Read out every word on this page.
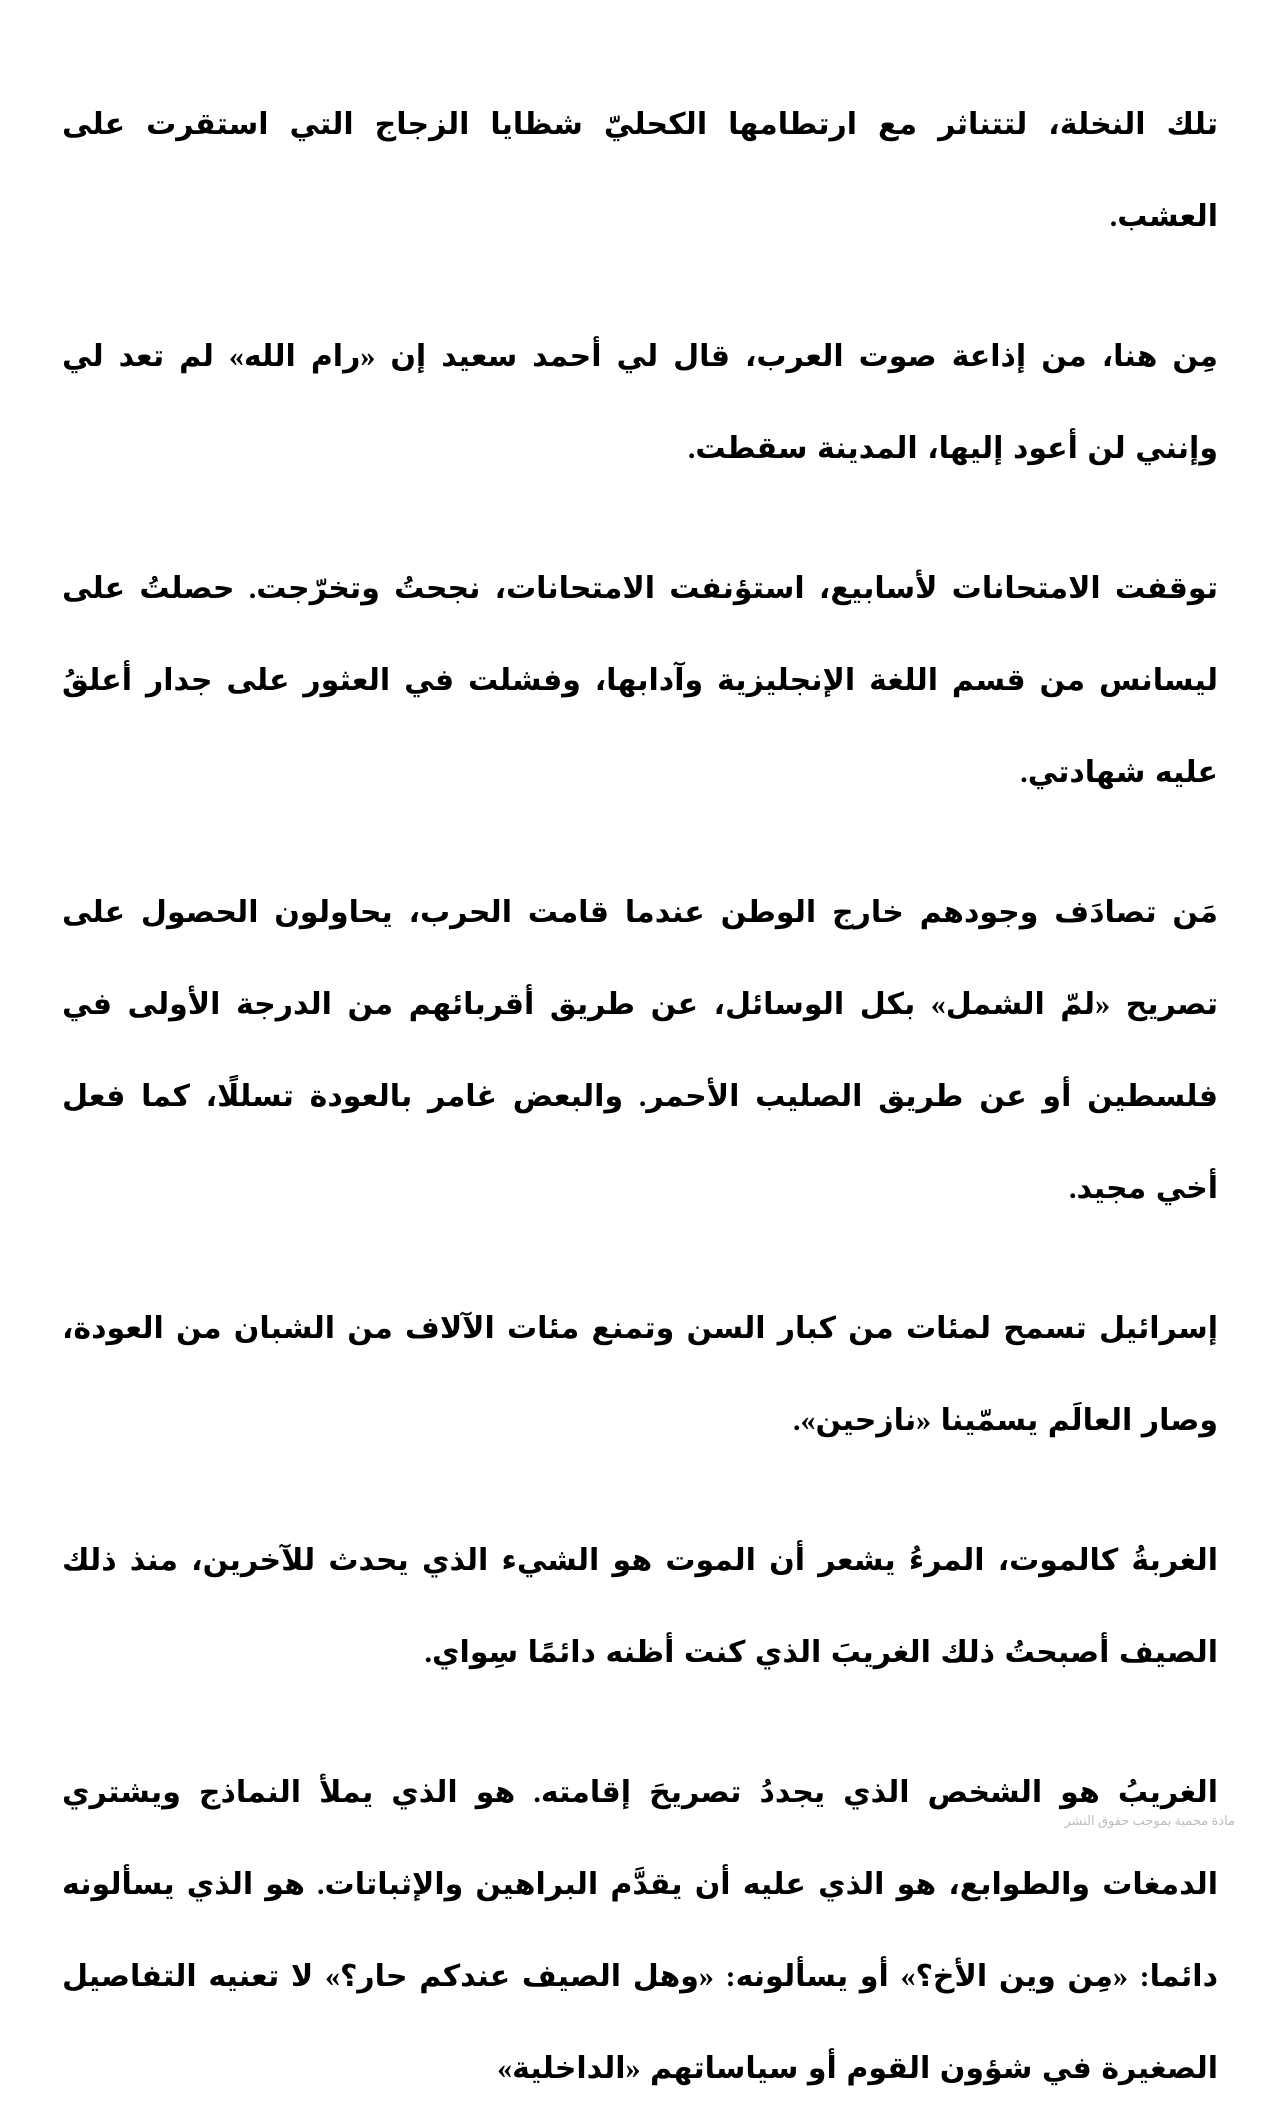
تلك النخلة، لتتناثر مع ارتطامها الكحليّ شظايا الزجاج التي استقرت على العشب.

مِن هنا، من إذاعة صوت العرب، قال لي أحمد سعيد إن «رام الله» لم تعد لي وإنني لن أعود إليها، المدينة سقطت.

توقفت الامتحانات لأسابيع، استؤنفت الامتحانات، نجحتُ وتخرّجت. حصلتُ على ليسانس من قسم اللغة الإنجليزية وآدابها، وفشلت في العثور على جدار أعلقُ عليه شهادتي.

مَن تصادَف وجودهم خارج الوطن عندما قامت الحرب، يحاولون الحصول على تصريح «لمّ الشمل» بكل الوسائل، عن طريق أقربائهم من الدرجة الأولى في فلسطين أو عن طريق الصليب الأحمر. والبعض غامر بالعودة تسللًا، كما فعل أخي مجيد.

إسرائيل تسمح لمئات من كبار السن وتمنع مئات الآلاف من الشبان من العودة، وصار العالَم يسمّينا «نازحين».

الغربةُ كالموت، المرءُ يشعر أن الموت هو الشيء الذي يحدث للآخرين، منذ ذلك الصيف أصبحتُ ذلك الغريبَ الذي كنت أظنه دائمًا سِواي.

الغريبُ هو الشخص الذي يجددُ تصريحَ إقامته. هو الذي يملأ النماذج ويشتري الدمغات والطوابع، هو الذي عليه أن يقدَّم البراهين والإثباتات. هو الذي يسألونه دائما: «مِن وين الأخ؟» أو يسألونه: «وهل الصيف عندكم حار؟» لا تعنيه التفاصيل الصغيرة في شؤون القوم أو سياساتهم «الداخلية»

مادة محمية بموجب حقوق النشر
